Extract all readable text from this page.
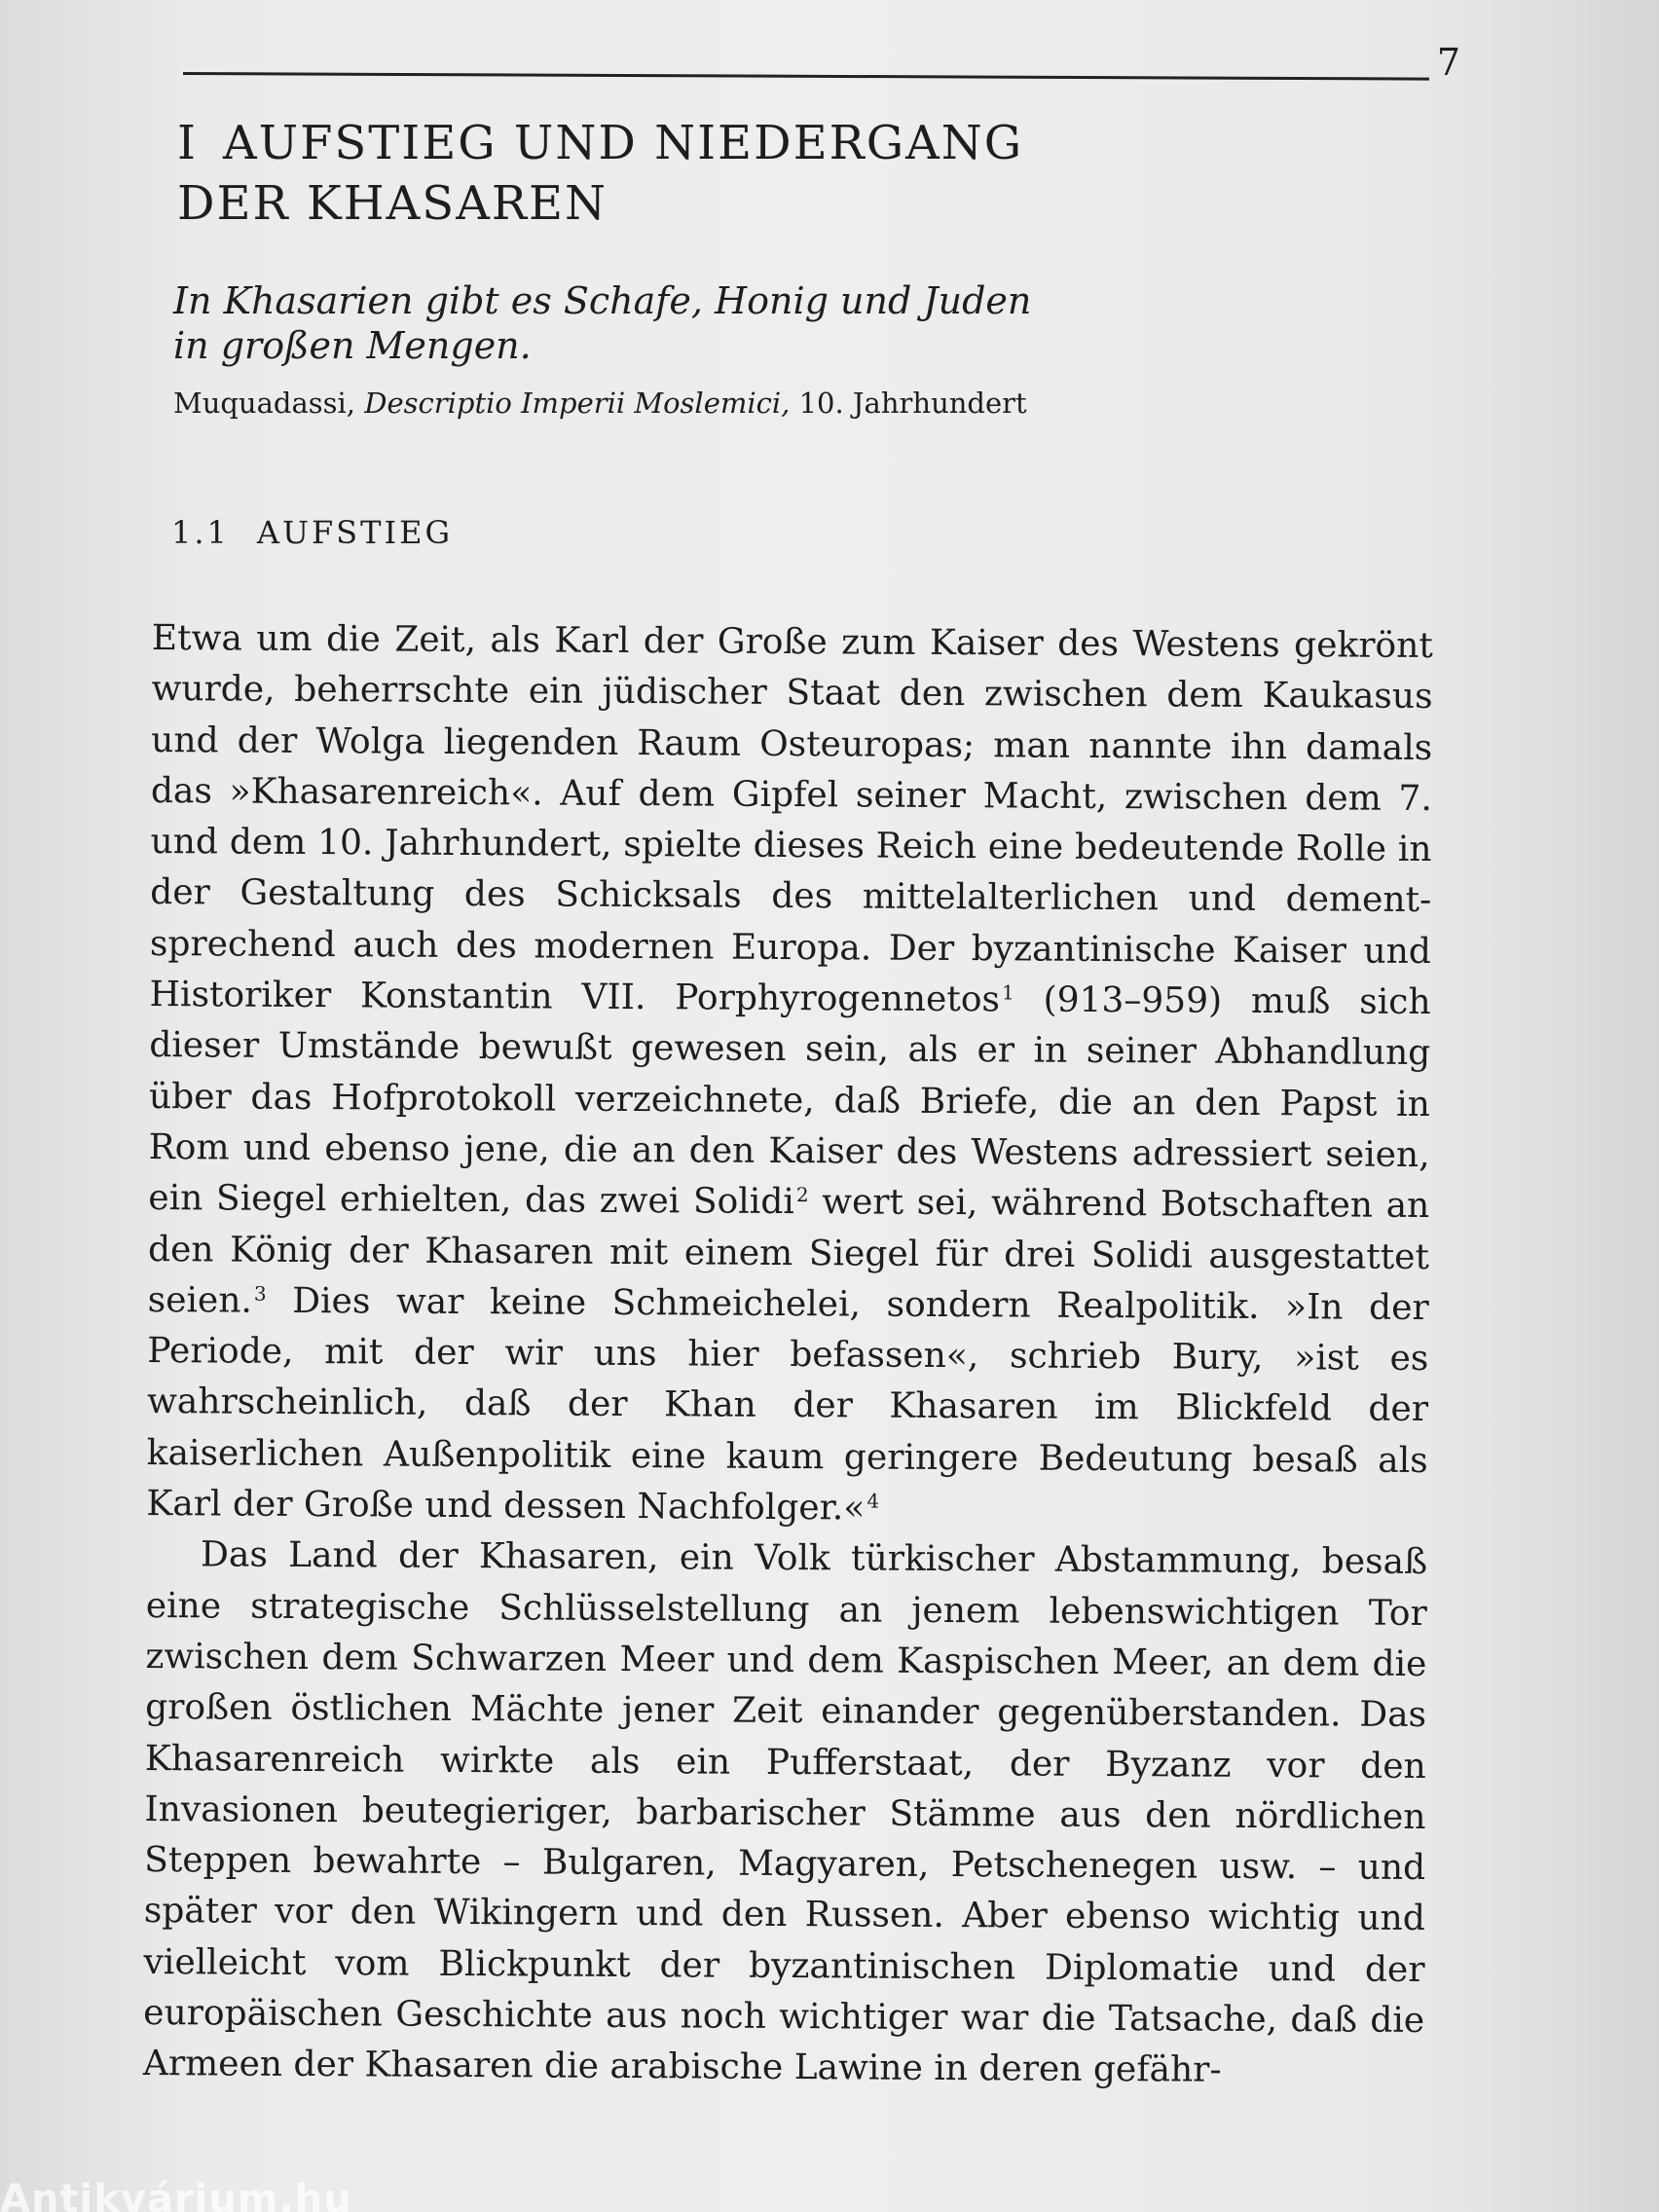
7
I AUFSTIEG UND NIEDERGANG
DER KHASAREN
In Khasarien gibt es Schafe, Honig und Juden
in großen Mengen.
Muquadassi, Descriptio Imperii Moslemici, 10. Jahrhundert
1.1 AUFSTIEG

Etwa um die Zeit, als Karl der Große zum Kaiser des Westens gekrönt wurde, beherrschte ein jüdischer Staat den zwischen dem Kaukasus und der Wolga liegenden Raum Osteuropas; man nannte ihn damals das »Khasarenreich«. Auf dem Gipfel seiner Macht, zwischen dem 7. und dem 10. Jahrhundert, spielte dieses Reich eine bedeutende Rolle in der Gestaltung des Schicksals des mittelalterlichen und dementsprechend auch des modernen Europa. Der byzantinische Kaiser und Historiker Konstantin VII. Porphyrogennetos$^1$ (913–959) muß sich dieser Umstände bewußt gewesen sein, als er in seiner Abhandlung über das Hofprotokoll verzeichnete, daß Briefe, die an den Papst in Rom und ebenso jene, die an den Kaiser des Westens adressiert seien, ein Siegel erhielten, das zwei Solidi$^2$ wert sei, während Botschaften an den König der Khasaren mit einem Siegel für drei Solidi ausgestattet seien.$^3$ Dies war keine Schmeichelei, sondern Realpolitik. »In der Periode, mit der wir uns hier befassen«, schrieb Bury, »ist es wahrscheinlich, daß der Khan der Khasaren im Blickfeld der kaiserlichen Außenpolitik eine kaum geringere Bedeutung besaß als Karl der Große und dessen Nachfolger.«$^4$

Das Land der Khasaren, ein Volk türkischer Abstammung, besaß eine strategische Schlüsselstellung an jenem lebenswichtigen Tor zwischen dem Schwarzen Meer und dem Kaspischen Meer, an dem die großen östlichen Mächte jener Zeit einander gegenüberstanden. Das Khasarenreich wirkte als ein Pufferstaat, der Byzanz vor den Invasionen beutegieriger, barbarischer Stämme aus den nördlichen Steppen bewahrte – Bulgaren, Magyaren, Petschenegen usw. – und später vor den Wikingern und den Russen. Aber ebenso wichtig und vielleicht vom Blickpunkt der byzantinischen Diplomatie und der europäischen Geschichte aus noch wichtiger war die Tatsache, daß die Armeen der Khasaren die arabische Lawine in deren gefähr-

Antikvárium.hu
